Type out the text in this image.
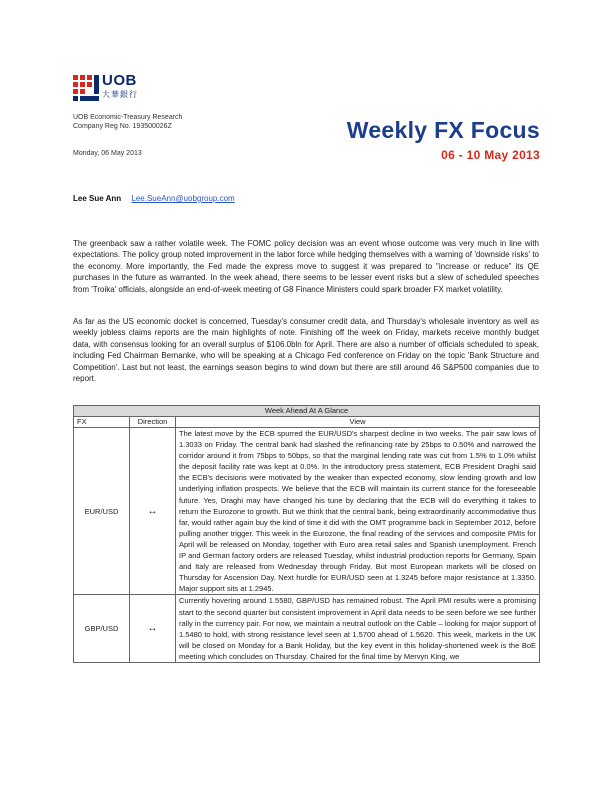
UOB
大華銀行
UOB Economic-Treasury Research
Company Reg No. 193500026Z
Monday, 06 May 2013
Weekly FX Focus
06 - 10 May 2013
Lee Sue Ann Lee.SueAnn@uobgroup.com
The greenback saw a rather volatile week. The FOMC policy decision was an event whose outcome was very much in line with expectations. The policy group noted improvement in the labor force while hedging themselves with a warning of 'downside risks' to the economy. More importantly, the Fed made the express move to suggest it was prepared to "increase or reduce" its QE purchases in the future as warranted. In the week ahead, there seems to be lesser event risks but a slew of scheduled speeches from 'Troika' officials, alongside an end-of-week meeting of G8 Finance Ministers could spark broader FX market volatility.
As far as the US economic docket is concerned, Tuesday's consumer credit data, and Thursday's wholesale inventory as well as weekly jobless claims reports are the main highlights of note. Finishing off the week on Friday, markets receive monthly budget data, with consensus looking for an overall surplus of $106.0bln for April. There are also a number of officials scheduled to speak, including Fed Chairman Bernanke, who will be speaking at a Chicago Fed conference on Friday on the topic 'Bank Structure and Competition'. Last but not least, the earnings season begins to wind down but there are still around 46 S&P500 companies due to report.
Week Ahead At A Glance		
FX	Direction	View
EUR/USD	↔	The latest move by the ECB spurred the EUR/USD's sharpest decline in two weeks. The pair saw lows of 1.3033 on Friday. The central bank had slashed the refinancing rate by 25bps to 0.50% and narrowed the corridor around it from 75bps to 50bps, so that the marginal lending rate was cut from 1.5% to 1.0% whilst the deposit facility rate was kept at 0.0%. In the introductory press statement, ECB President Draghi said the ECB's decisions were motivated by the weaker than expected economy, slow lending growth and low underlying inflation prospects. We believe that the ECB will maintain its current stance for the foreseeable future. Yes, Draghi may have changed his tune by declaring that the ECB will do everything it takes to return the Eurozone to growth. But we think that the central bank, being extraordinarily accommodative thus far, would rather again buy the kind of time it did with the OMT programme back in September 2012, before pulling another trigger. This week in the Eurozone, the final reading of the services and composite PMIs for April will be released on Monday, together with Euro area retail sales and Spanish unemployment. French IP and German factory orders are released Tuesday, whilst industrial production reports for Germany, Spain and Italy are released from Wednesday through Friday. But most European markets will be closed on Thursday for Ascension Day. Next hurdle for EUR/USD seen at 1.3245 before major resistance at 1.3350. Major support sits at 1.2945.
GBP/USD	↔	Currently hovering around 1.5580, GBP/USD has remained robust. The April PMI results were a promising start to the second quarter but consistent improvement in April data needs to be seen before we see further rally in the currency pair. For now, we maintain a neutral outlook on the Cable – looking for major support of 1.5480 to hold, with strong resistance level seen at 1.5700 ahead of 1.5620. This week, markets in the UK will be closed on Monday for a Bank Holiday, but the key event in this holiday-shortened week is the BoE meeting which concludes on Thursday. Chaired for the final time by Mervyn King, we
